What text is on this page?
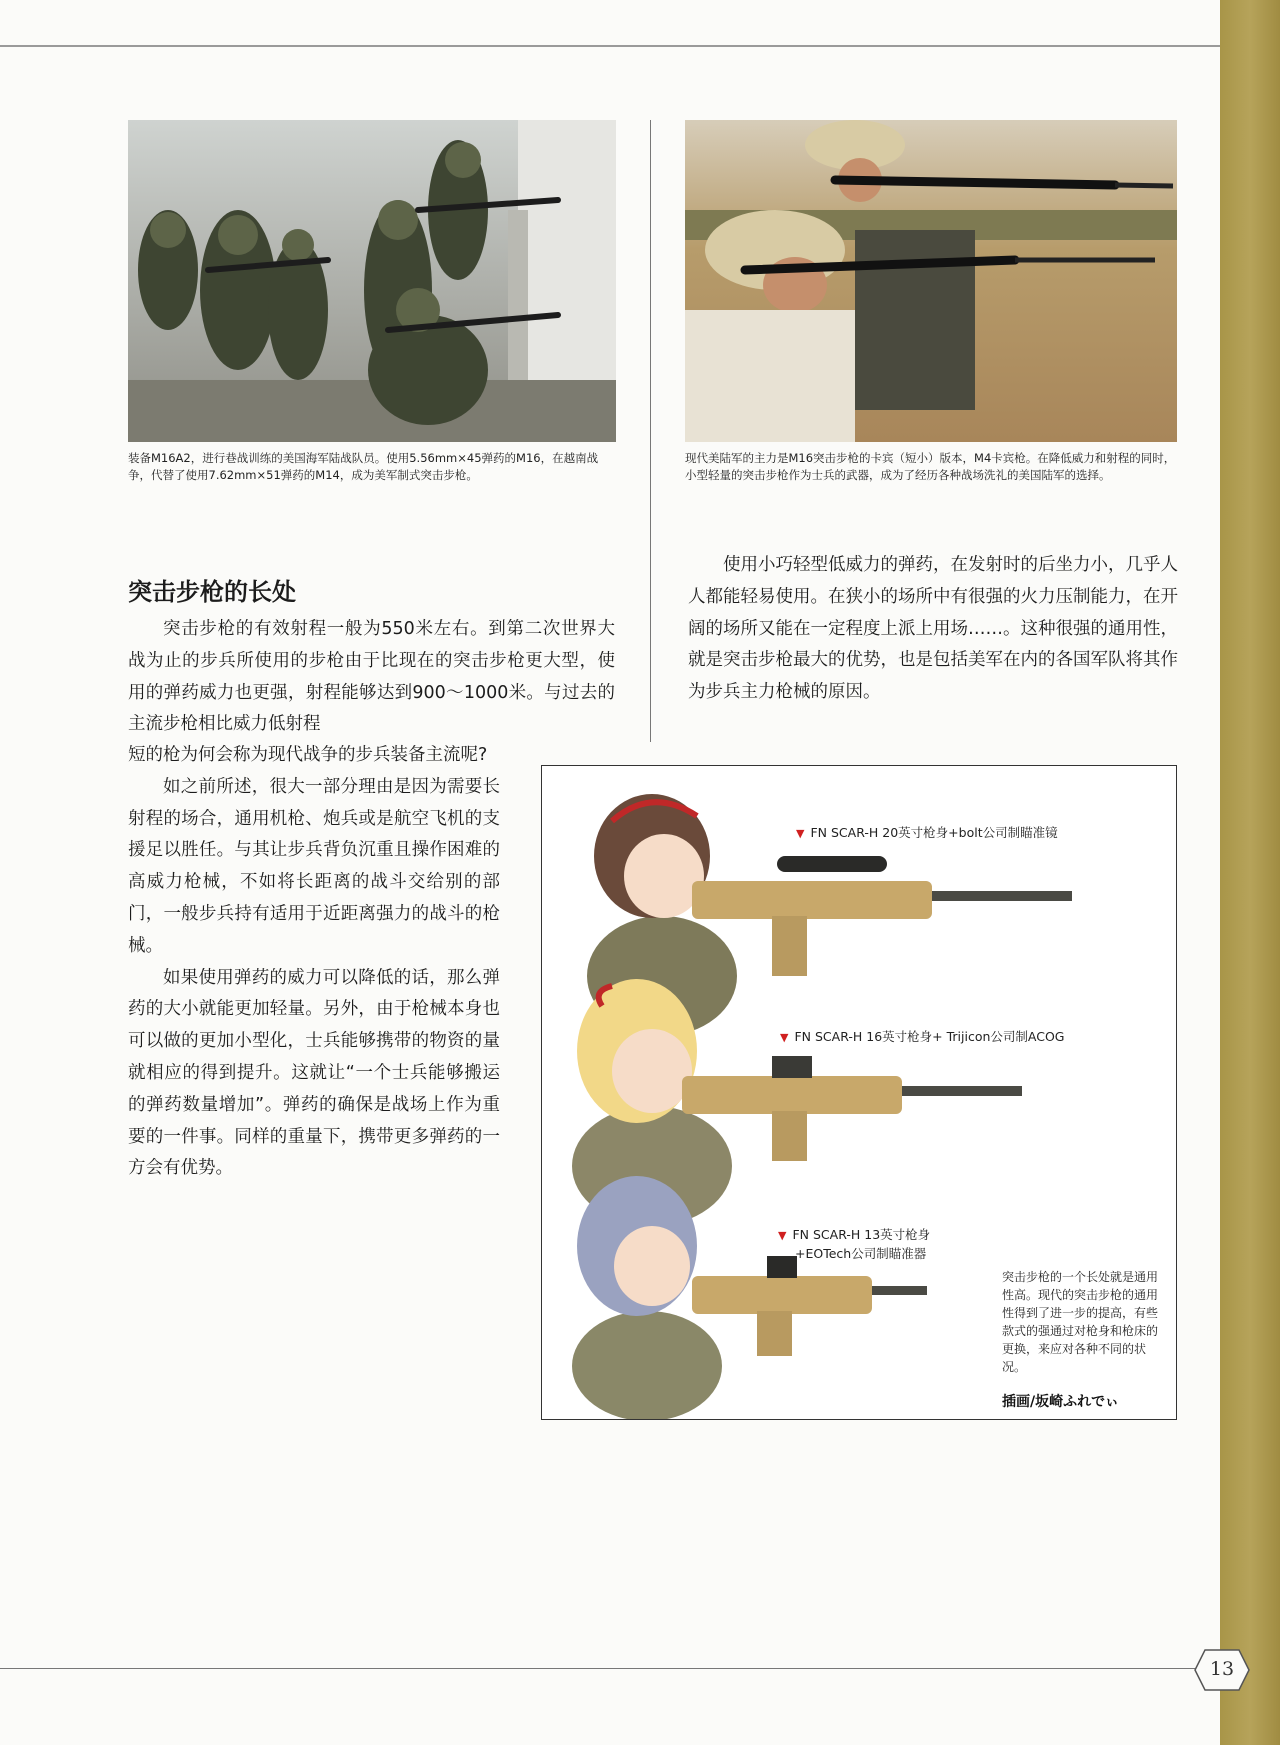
装备M16A2，进行巷战训练的美国海军陆战队员。使用5.56mm×45弹药的M16，在越南战争，代替了使用7.62mm×51弹药的M14，成为美军制式突击步枪。
现代美陆军的主力是M16突击步枪的卡宾（短小）版本，M4卡宾枪。在降低威力和射程的同时，小型轻量的突击步枪作为士兵的武器，成为了经历各种战场洗礼的美国陆军的选择。
突击步枪的长处

突击步枪的有效射程一般为550米左右。到第二次世界大战为止的步兵所使用的步枪由于比现在的突击步枪更大型，使用的弹药威力也更强，射程能够达到900～1000米。与过去的主流步枪相比威力低射程

短的枪为何会称为现代战争的步兵装备主流呢?

如之前所述，很大一部分理由是因为需要长射程的场合，通用机枪、炮兵或是航空飞机的支援足以胜任。与其让步兵背负沉重且操作困难的高威力枪械，不如将长距离的战斗交给别的部门，一般步兵持有适用于近距离强力的战斗的枪械。

如果使用弹药的威力可以降低的话，那么弹药的大小就能更加轻量。另外，由于枪械本身也可以做的更加小型化，士兵能够携带的物资的量就相应的得到提升。这就让“一个士兵能够搬运的弹药数量增加”。弹药的确保是战场上作为重要的一件事。同样的重量下，携带更多弹药的一方会有优势。

使用小巧轻型低威力的弹药，在发射时的后坐力小，几乎人人都能轻易使用。在狭小的场所中有很强的火力压制能力，在开阔的场所又能在一定程度上派上用场……。这种很强的通用性，就是突击步枪最大的优势，也是包括美军在内的各国军队将其作为步兵主力枪械的原因。

▼ FN SCAR-H 20英寸枪身+bolt公司制瞄准镜
▼ FN SCAR-H 16英寸枪身+ Trijicon公司制ACOG
▼ FN SCAR-H 13英寸枪身
+EOTech公司制瞄准器
突击步枪的一个长处就是通用性高。现代的突击步枪的通用性得到了进一步的提高，有些款式的强通过对枪身和枪床的更换，来应对各种不同的状况。
插画/坂崎ふれでぃ
13
